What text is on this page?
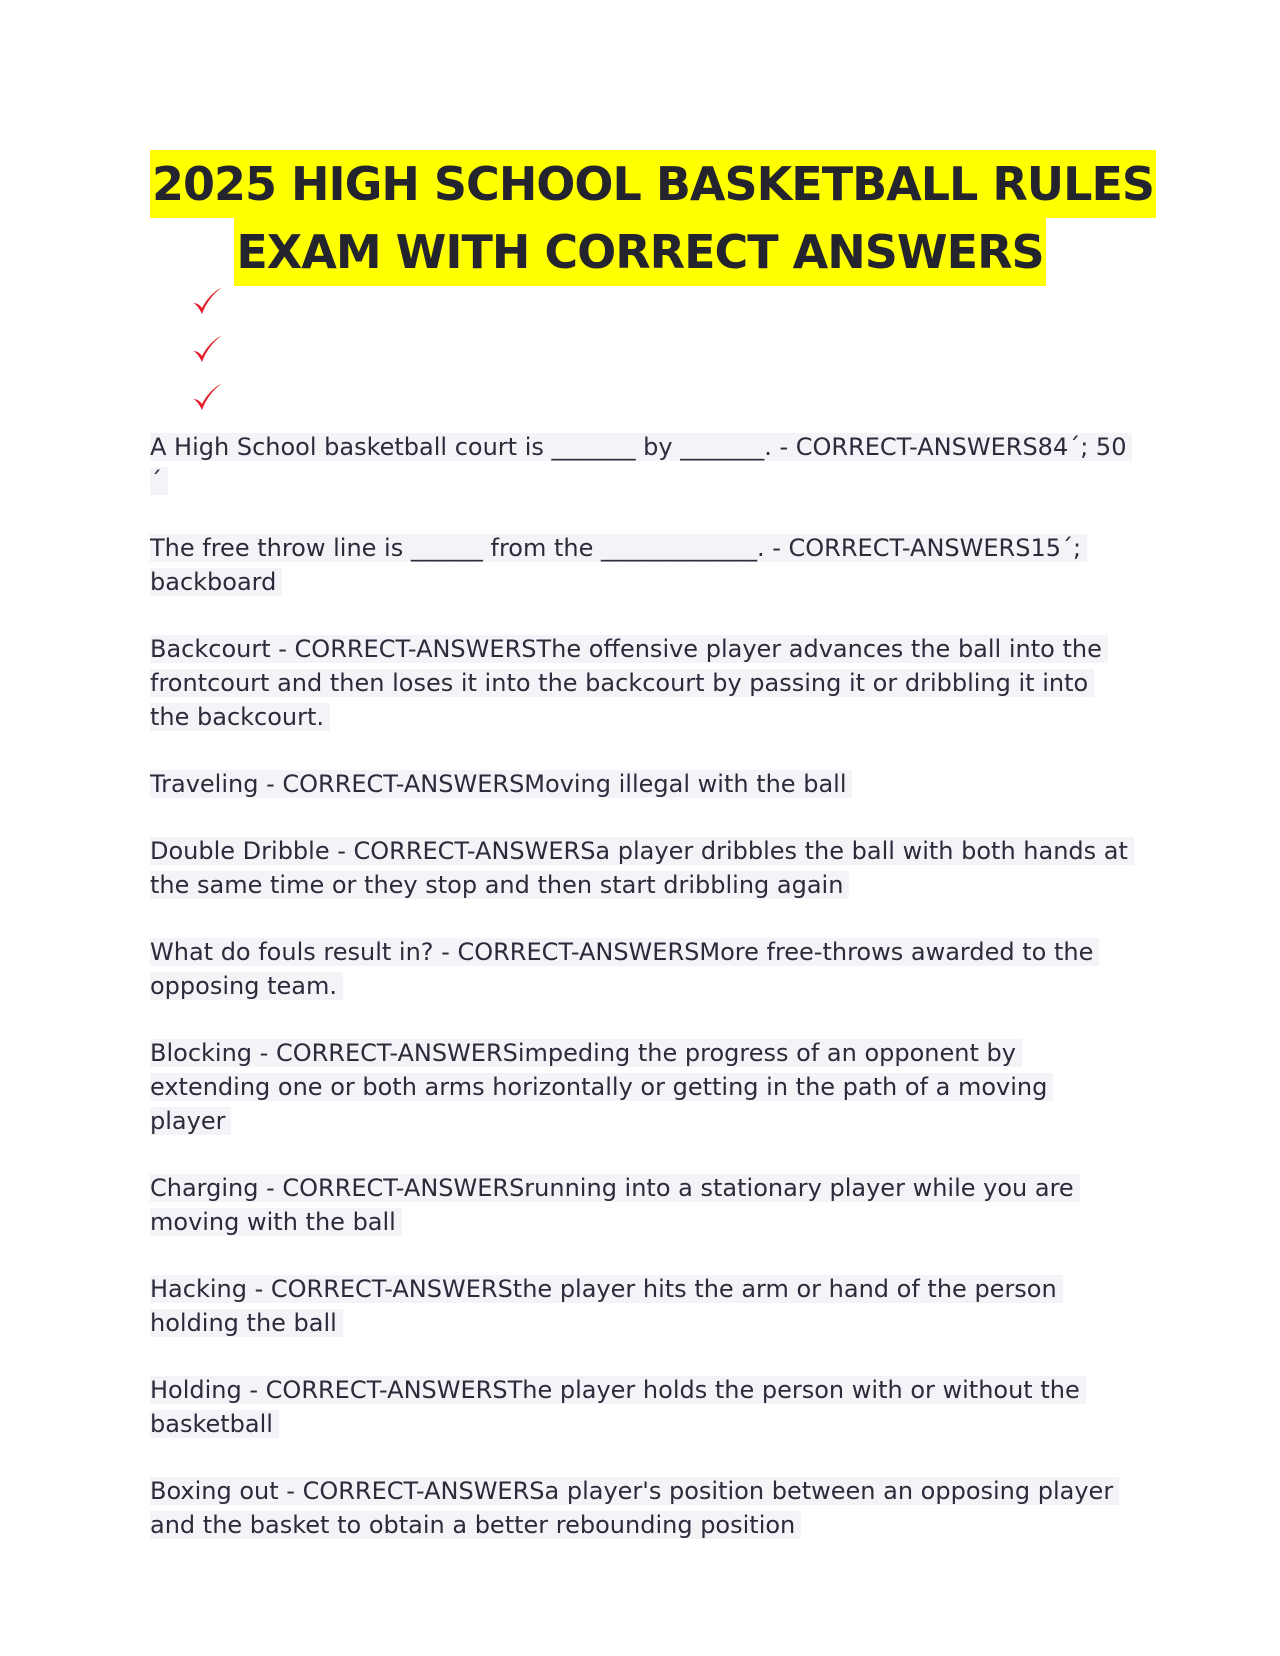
2025 HIGH SCHOOL BASKETBALL RULES
EXAM WITH CORRECT ANSWERS

A High School basketball court is _______ by _______. - CORRECT-ANSWERS84´; 50´

The free throw line is ______ from the _____________. - CORRECT-ANSWERS15´; backboard

Backcourt - CORRECT-ANSWERSThe offensive player advances the ball into the frontcourt and then loses it into the backcourt by passing it or dribbling it into the backcourt.

Traveling - CORRECT-ANSWERSMoving illegal with the ball

Double Dribble - CORRECT-ANSWERSa player dribbles the ball with both hands at the same time or they stop and then start dribbling again

What do fouls result in? - CORRECT-ANSWERSMore free-throws awarded to the opposing team.

Blocking - CORRECT-ANSWERSimpeding the progress of an opponent by extending one or both arms horizontally or getting in the path of a moving player

Charging - CORRECT-ANSWERSrunning into a stationary player while you are moving with the ball

Hacking - CORRECT-ANSWERSthe player hits the arm or hand of the person holding the ball

Holding - CORRECT-ANSWERSThe player holds the person with or without the basketball

Boxing out - CORRECT-ANSWERSa player's position between an opposing player and the basket to obtain a better rebounding position
